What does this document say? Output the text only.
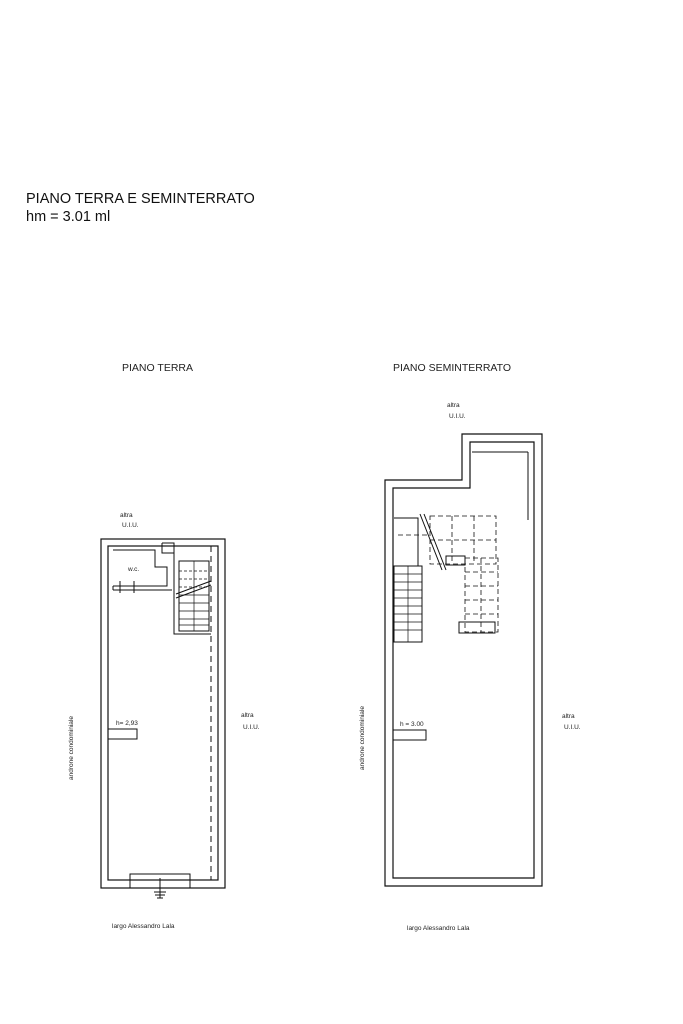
PIANO TERRA E SEMINTERRATO
hm = 3.01 ml
PIANO TERRA
altra
U.I.U.
w.c.
h= 2,93
androne condominiale
altra
U.I.U.
largo Alessandro Lala
PIANO SEMINTERRATO
altra
U.I.U.
h = 3.00
androne condominiale	altra
U.I.U.
largo Alessandro Lala
